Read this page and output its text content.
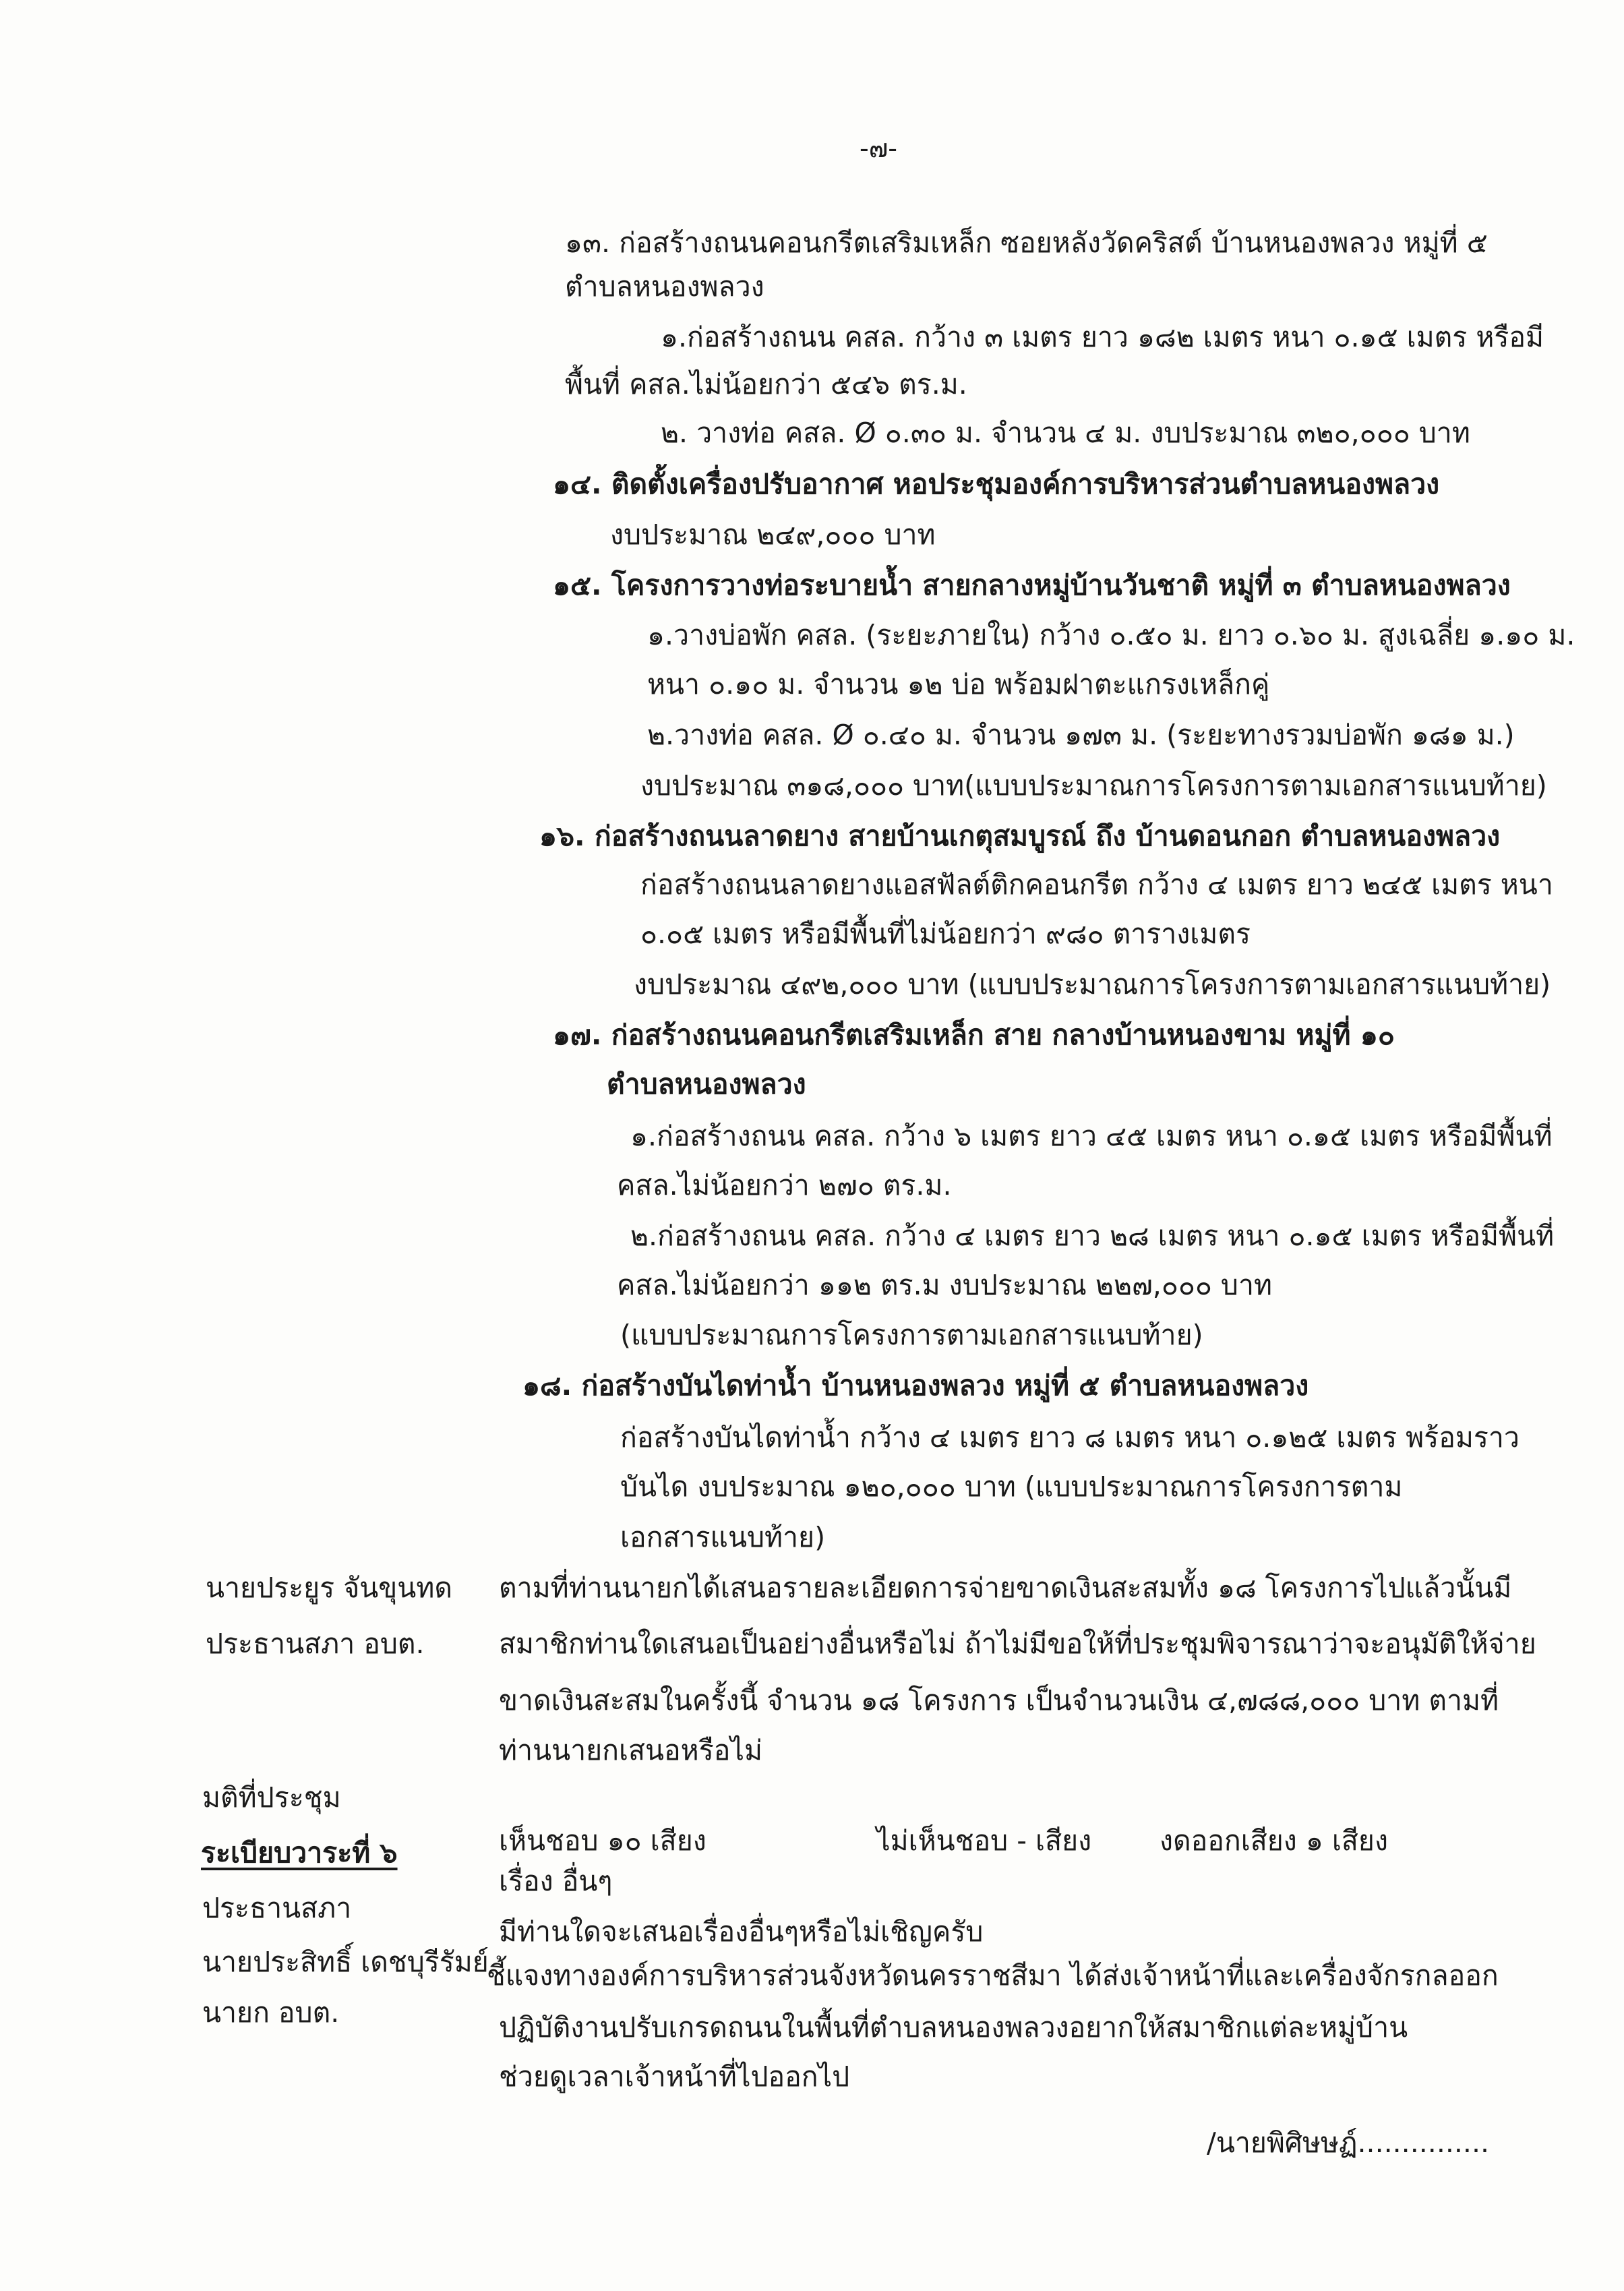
-๗-
๑๓. ก่อสร้างถนนคอนกรีตเสริมเหล็ก ซอยหลังวัดคริสต์ บ้านหนองพลวง หมู่ที่ ๕
ตำบลหนองพลวง
๑.ก่อสร้างถนน คสล. กว้าง ๓ เมตร ยาว ๑๘๒ เมตร หนา ๐.๑๕ เมตร หรือมี
พื้นที่ คสล.ไม่น้อยกว่า ๕๔๖ ตร.ม.
๒. วางท่อ คสล. Ø ๐.๓๐ ม. จำนวน ๔ ม. งบประมาณ ๓๒๐,๐๐๐ บาท
๑๔. ติดตั้งเครื่องปรับอากาศ หอประชุมองค์การบริหารส่วนตำบลหนองพลวง
งบประมาณ ๒๔๙,๐๐๐ บาท
๑๕. โครงการวางท่อระบายน้ำ สายกลางหมู่บ้านวันชาติ หมู่ที่ ๓ ตำบลหนองพลวง
๑.วางบ่อพัก คสล. (ระยะภายใน) กว้าง ๐.๕๐ ม. ยาว ๐.๖๐ ม. สูงเฉลี่ย ๑.๑๐ ม.
หนา ๐.๑๐ ม. จำนวน ๑๒ บ่อ พร้อมฝาตะแกรงเหล็กคู่
๒.วางท่อ คสล. Ø ๐.๔๐ ม. จำนวน ๑๗๓ ม. (ระยะทางรวมบ่อพัก ๑๘๑ ม.)
งบประมาณ ๓๑๘,๐๐๐ บาท(แบบประมาณการโครงการตามเอกสารแนบท้าย)
๑๖. ก่อสร้างถนนลาดยาง สายบ้านเกตุสมบูรณ์ ถึง บ้านดอนกอก ตำบลหนองพลวง
ก่อสร้างถนนลาดยางแอสฟัลต์ติกคอนกรีต กว้าง ๔ เมตร ยาว ๒๔๕ เมตร หนา
๐.๐๕ เมตร หรือมีพื้นที่ไม่น้อยกว่า ๙๘๐ ตารางเมตร
งบประมาณ ๔๙๒,๐๐๐ บาท (แบบประมาณการโครงการตามเอกสารแนบท้าย)
๑๗. ก่อสร้างถนนคอนกรีตเสริมเหล็ก สาย กลางบ้านหนองขาม หมู่ที่ ๑๐
ตำบลหนองพลวง
๑.ก่อสร้างถนน คสล. กว้าง ๖ เมตร ยาว ๔๕ เมตร หนา ๐.๑๕ เมตร หรือมีพื้นที่
คสล.ไม่น้อยกว่า ๒๗๐ ตร.ม.
๒.ก่อสร้างถนน คสล. กว้าง ๔ เมตร ยาว ๒๘ เมตร หนา ๐.๑๕ เมตร หรือมีพื้นที่
คสล.ไม่น้อยกว่า ๑๑๒ ตร.ม งบประมาณ ๒๒๗,๐๐๐ บาท
(แบบประมาณการโครงการตามเอกสารแนบท้าย)
๑๘. ก่อสร้างบันไดท่าน้ำ บ้านหนองพลวง หมู่ที่ ๕ ตำบลหนองพลวง
ก่อสร้างบันไดท่าน้ำ กว้าง ๔ เมตร ยาว ๘ เมตร หนา ๐.๑๒๕ เมตร พร้อมราว
บันได งบประมาณ ๑๒๐,๐๐๐ บาท (แบบประมาณการโครงการตาม
เอกสารแนบท้าย)
นายประยูร จันขุนทด
ประธานสภา อบต.
ตามที่ท่านนายกได้เสนอรายละเอียดการจ่ายขาดเงินสะสมทั้ง ๑๘ โครงการไปแล้วนั้นมี
สมาชิกท่านใดเสนอเป็นอย่างอื่นหรือไม่ ถ้าไม่มีขอให้ที่ประชุมพิจารณาว่าจะอนุมัติให้จ่าย
ขาดเงินสะสมในครั้งนี้ จำนวน ๑๘ โครงการ เป็นจำนวนเงิน ๔,๗๘๘,๐๐๐ บาท ตามที่
ท่านนายกเสนอหรือไม่
มติที่ประชุม
เห็นชอบ ๑๐ เสียง	ไม่เห็นชอบ - เสียง งดออกเสียง ๑ เสียง
ระเบียบวาระที่ ๖
เรื่อง อื่นๆ
ประธานสภา
มีท่านใดจะเสนอเรื่องอื่นๆหรือไม่เชิญครับ
นายประสิทธิ์ เดชบุรีรัมย์
นายก อบต.
ชี้แจงทางองค์การบริหารส่วนจังหวัดนครราชสีมา ได้ส่งเจ้าหน้าที่และเครื่องจักรกลออก
ปฏิบัติงานปรับเกรดถนนในพื้นที่ตำบลหนองพลวงอยากให้สมาชิกแต่ละหมู่บ้าน
ช่วยดูเวลาเจ้าหน้าที่ไปออกไป
/นายพิศิษษฏ์...............
